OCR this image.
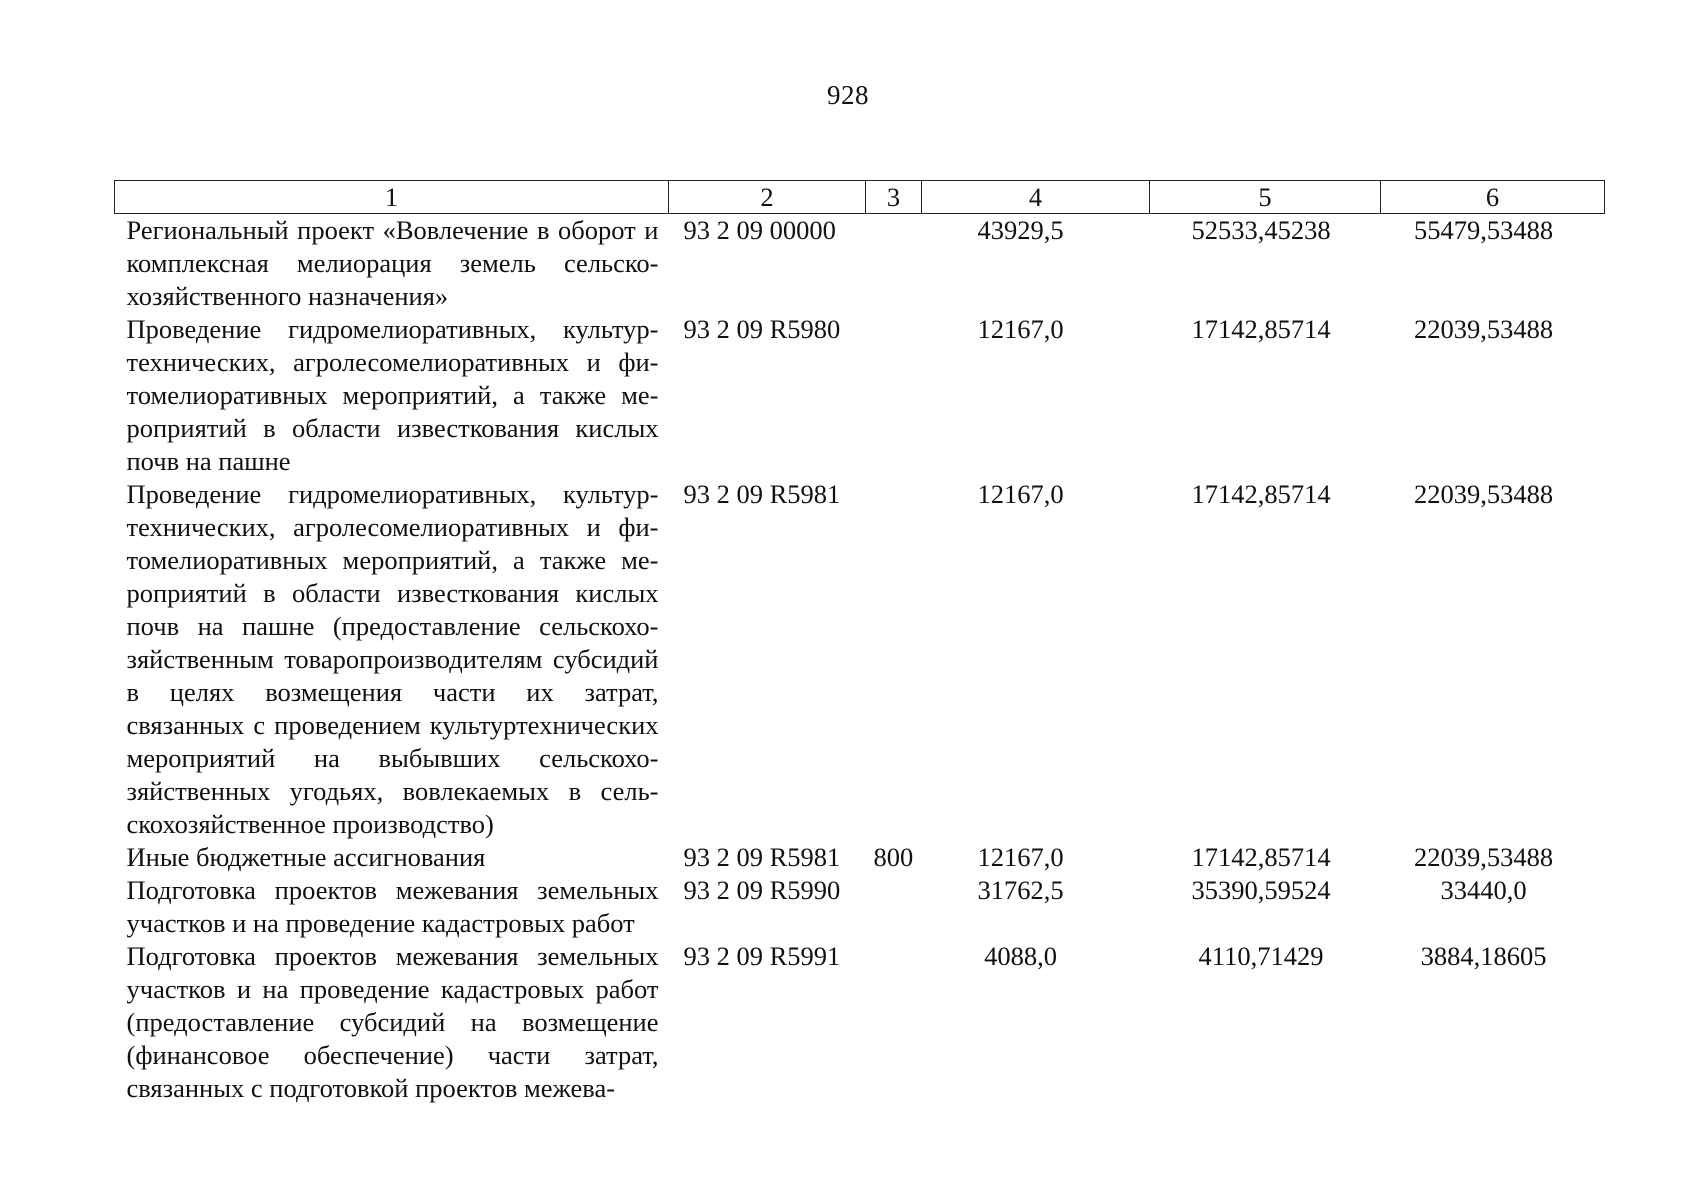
928
1	2	3	4	5	6
Региональный проект «Вовлечение в оборот и комплексная мелиорация земель сельскохозяйственного назначения»	93 2 09 00000		43929,5	52533,45238	55479,53488
Проведение гидромелиоративных, культуртехнических, агролесомелиоративных и фитомелиоративных мероприятий, а также мероприятий в области известкования кислых почв на пашне	93 2 09 R5980		12167,0	17142,85714	22039,53488
Проведение гидромелиоративных, культуртехнических, агролесомелиоративных и фитомелиоративных мероприятий, а также мероприятий в области известкования кислых почв на пашне (предоставление сельскохозяйственным товаропроизводителям субсидий в целях возмещения части их затрат, связанных с проведением культуртехнических мероприятий на выбывших сельскохозяйственных угодьях, вовлекаемых в сельскохозяйственное производство)	93 2 09 R5981		12167,0	17142,85714	22039,53488
Иные бюджетные ассигнования	93 2 09 R5981	800	12167,0	17142,85714	22039,53488
Подготовка проектов межевания земельных участков и на проведение кадастровых работ	93 2 09 R5990		31762,5	35390,59524	33440,0
Подготовка проектов межевания земельных участков и на проведение кадастровых работ (предоставление субсидий на возмещение (финансовое обеспечение) части затрат, связанных с подготовкой проектов межева-	93 2 09 R5991		4088,0	4110,71429	3884,18605
